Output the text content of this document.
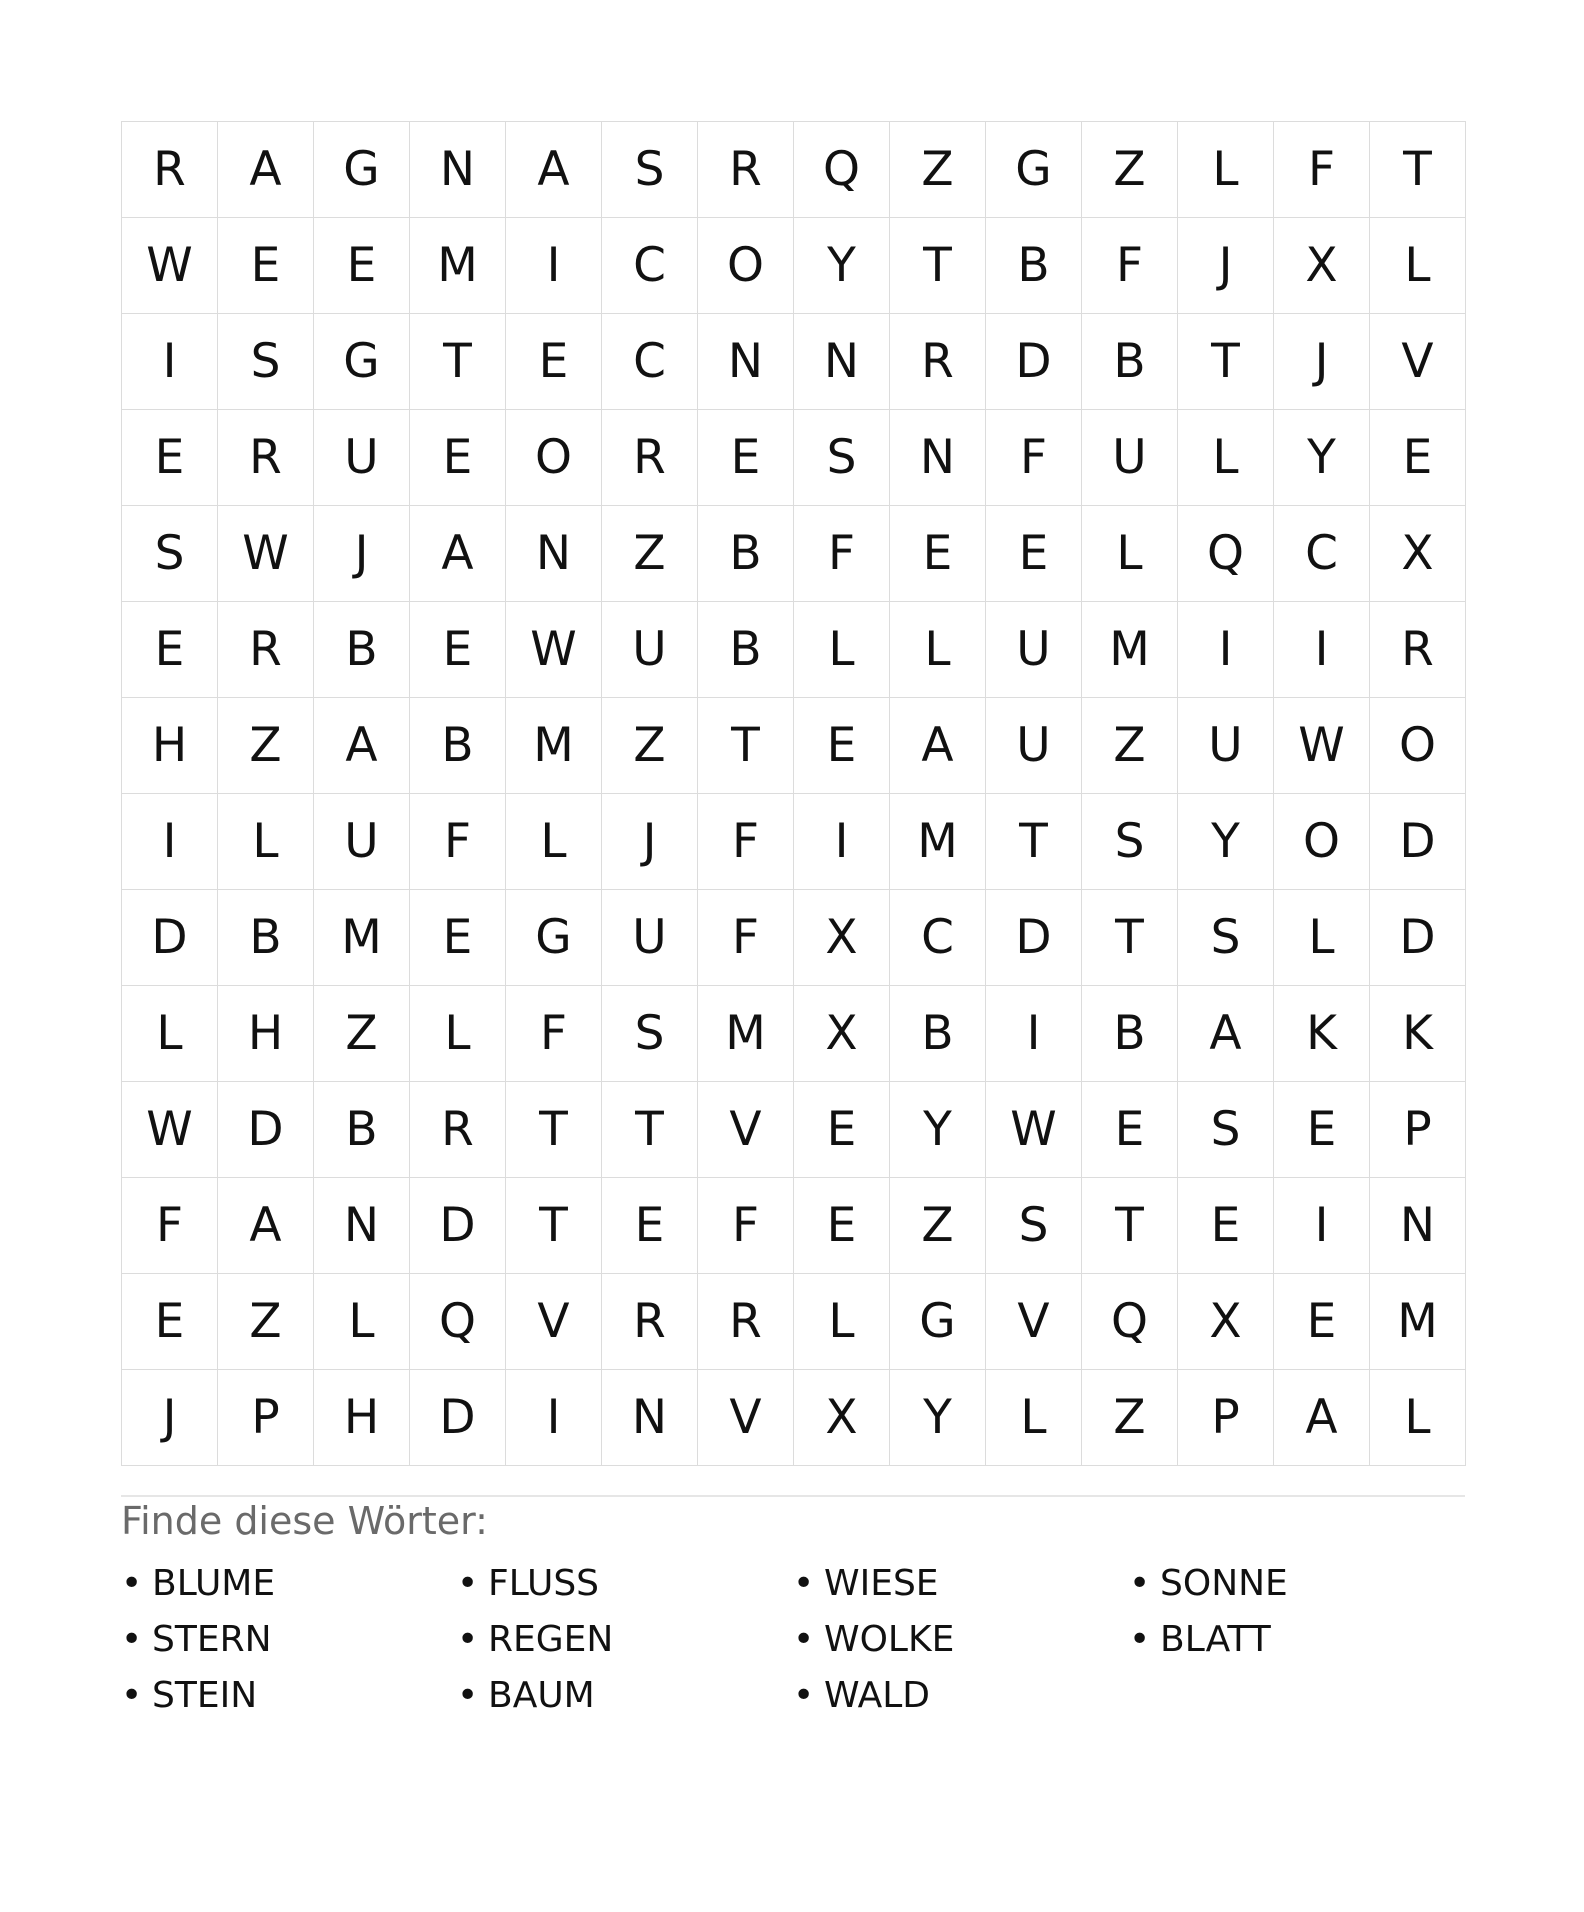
R	A	G	N	A	S	R	Q	Z	G	Z	L	F	T
W	E	E	M	I	C	O	Y	T	B	F	J	X	L
I	S	G	T	E	C	N	N	R	D	B	T	J	V
E	R	U	E	O	R	E	S	N	F	U	L	Y	E
S	W	J	A	N	Z	B	F	E	E	L	Q	C	X
E	R	B	E	W	U	B	L	L	U	M	I	I	R
H	Z	A	B	M	Z	T	E	A	U	Z	U	W	O
I	L	U	F	L	J	F	I	M	T	S	Y	O	D
D	B	M	E	G	U	F	X	C	D	T	S	L	D
L	H	Z	L	F	S	M	X	B	I	B	A	K	K
W	D	B	R	T	T	V	E	Y	W	E	S	E	P
F	A	N	D	T	E	F	E	Z	S	T	E	I	N
E	Z	L	Q	V	R	R	L	G	V	Q	X	E	M
J	P	H	D	I	N	V	X	Y	L	Z	P	A	L
Finde diese Wörter:
• BLUME	• FLUSS	• WIESE	• SONNE
• STERN	• REGEN	• WOLKE	• BLATT
• STEIN	• BAUM	• WALD
